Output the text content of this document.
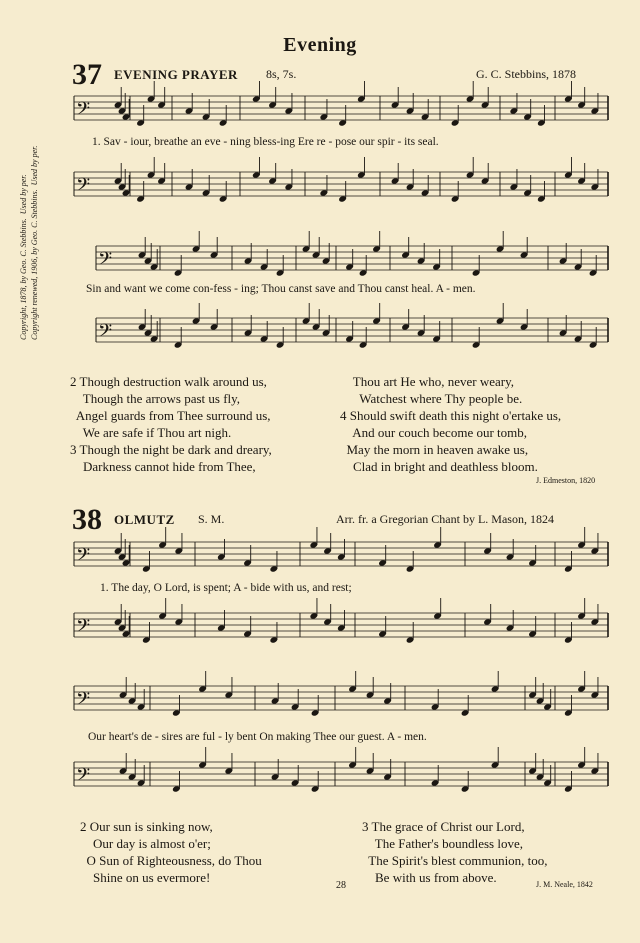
𝄢
𝄢
𝄢
𝄢
𝄢
𝄢
𝄢
𝄢
Evening
Copyright, 1878, by Geo. C. Stebbins.  Used by per.
Copyright renewed, 1906, by Geo. C. Stebbins.  Used by per.
37 EVENING PRAYER 8s, 7s.	G. C. Stebbins, 1878
1. Sav - iour, breathe an eve - ning bless-ing Ere re - pose our spir - its seal.
Sin and want we come con-fess - ing; Thou canst save and Thou canst heal. A - men.
2 Though destruction walk around us,
Though the arrows past us fly,
Angel guards from Thee surround us,
We are safe if Thou art nigh.
3 Though the night be dark and dreary,
Darkness cannot hide from Thee,
Thou art He who, never weary,
Watchest where Thy people be.
4 Should swift death this night o'ertake us,
And our couch become our tomb,
May the morn in heaven awake us,
Clad in bright and deathless bloom.
J. Edmeston, 1820
38 OLMUTZ S. M.	Arr. fr. a Gregorian Chant by L. Mason, 1824
1. The day, O Lord, is spent; A - bide with us, and rest;
Our heart's de - sires are ful - ly bent On making Thee our guest. A - men.
2 Our sun is sinking now,
Our day is almost o'er;
O Sun of Righteousness, do Thou
Shine on us evermore!
3 The grace of Christ our Lord,
The Father's boundless love,
The Spirit's blest communion, too,
Be with us from above.	J. M. Neale, 1842
28
